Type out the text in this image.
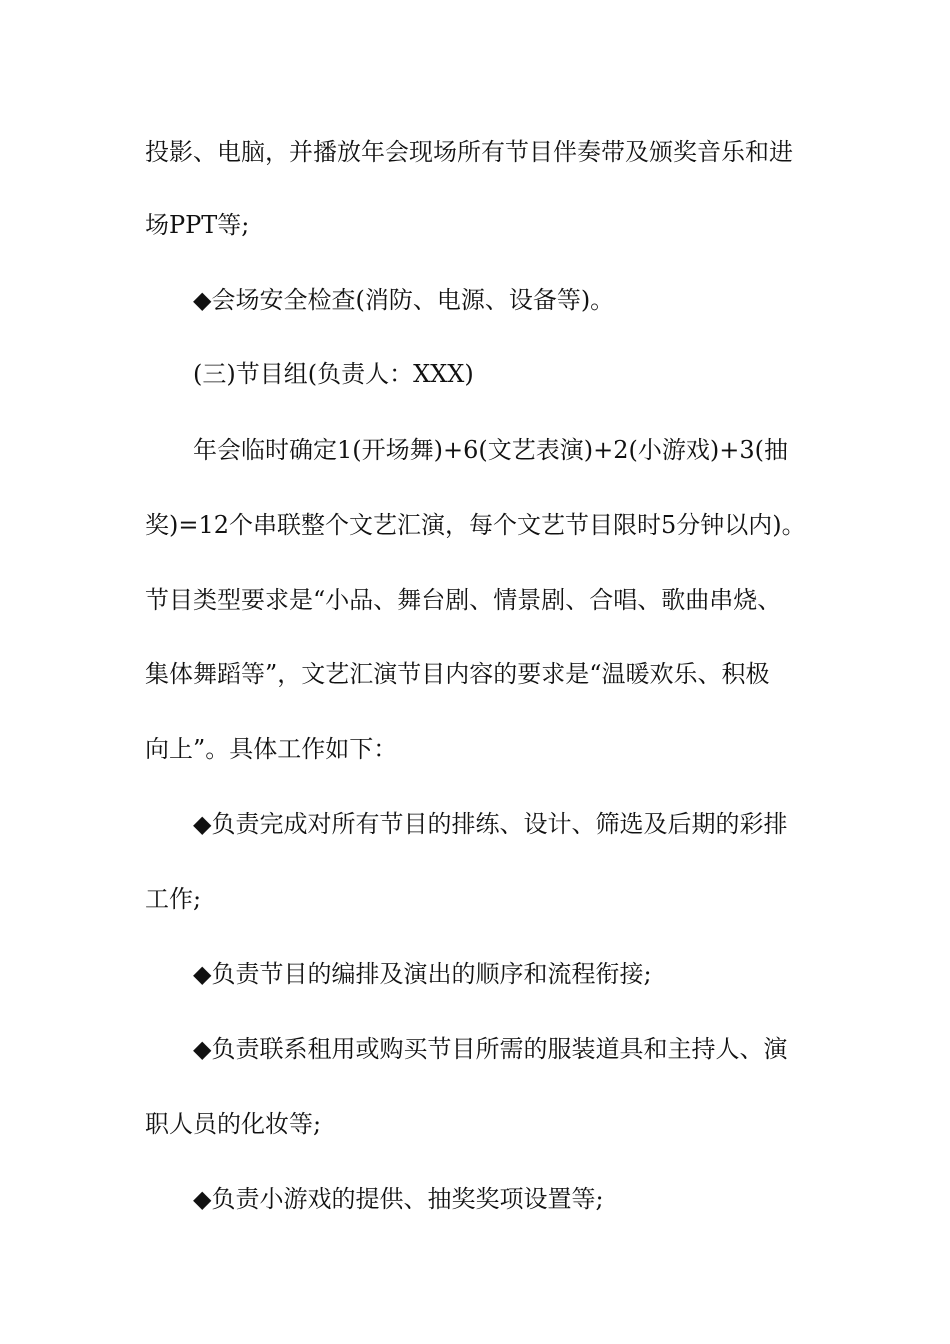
投影、电脑，并播放年会现场所有节目伴奏带及颁奖音乐和进
场PPT等;
◆会场安全检查(消防、电源、设备等)。
(三)节目组(负责人：XXX)
年会临时确定1(开场舞)+6(文艺表演)+2(小游戏)+3(抽
奖)=12个串联整个文艺汇演，每个文艺节目限时5分钟以内)。
节目类型要求是“小品、舞台剧、情景剧、合唱、歌曲串烧、
集体舞蹈等”，文艺汇演节目内容的要求是“温暖欢乐、积极
向上”。具体工作如下：
◆负责完成对所有节目的排练、设计、筛选及后期的彩排
工作;
◆负责节目的编排及演出的顺序和流程衔接;
◆负责联系租用或购买节目所需的服装道具和主持人、演
职人员的化妆等;
◆负责小游戏的提供、抽奖奖项设置等;
